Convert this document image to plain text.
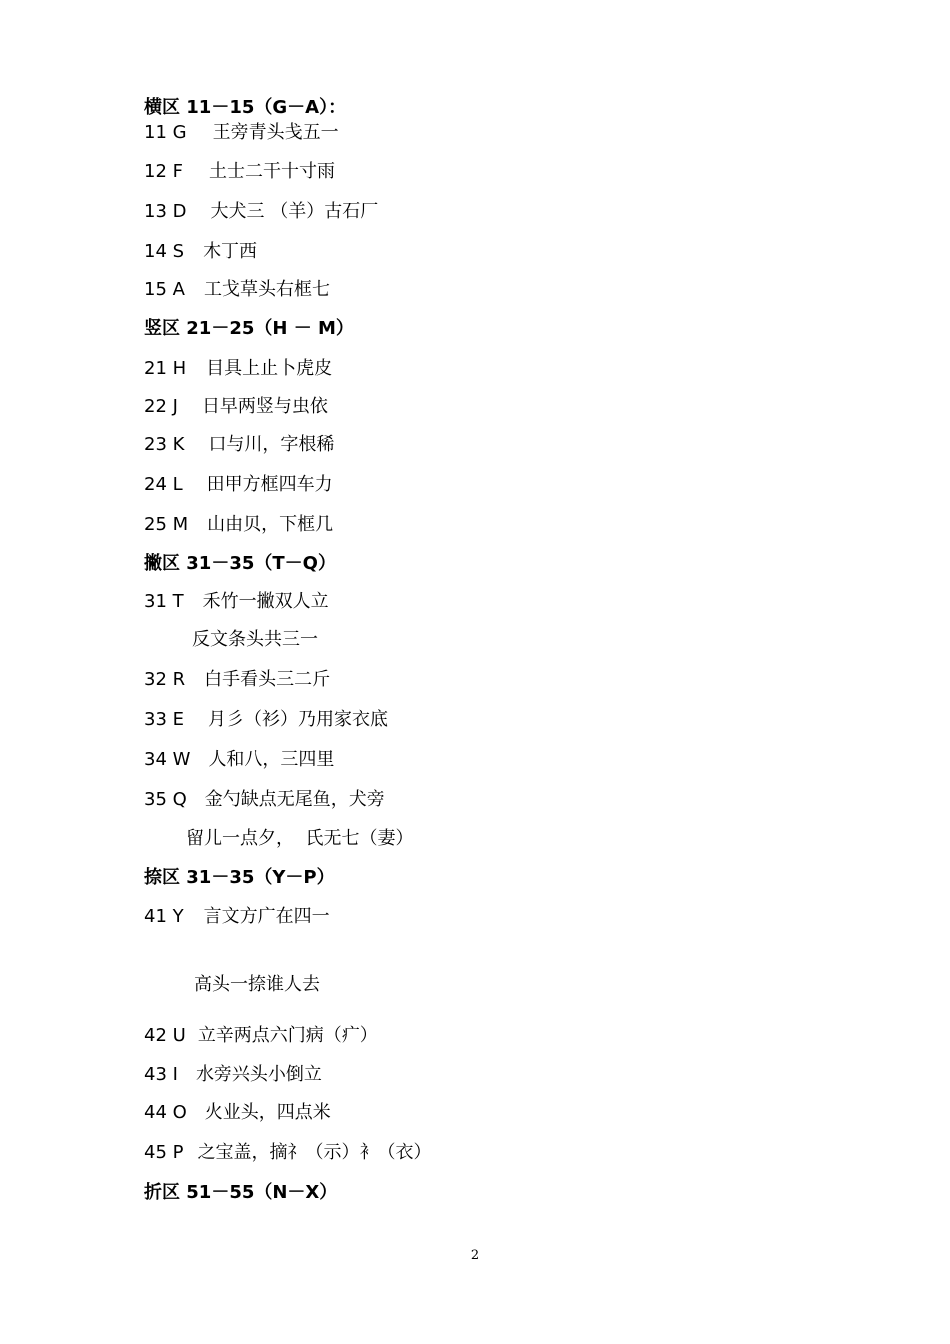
横区 11－15（G－A）：
11 G 王旁青头戋五一
12 F 土士二干十寸雨
13 D 大犬三 （羊）古石厂
14 S 木丁西
15 A 工戈草头右框七
竖区 21－25（H － M）
21 H 目具上止卜虎皮
22 J 日早两竖与虫依
23 K 口与川，字根稀
24 L 田甲方框四车力
25 M 山由贝，下框几
撇区 31－35（T－Q）
31 T 禾竹一撇双人立
反文条头共三一
32 R 白手看头三二斤
33 E 月彡（衫）乃用家衣底
34 W 人和八，三四里
35 Q 金勺缺点无尾鱼，犬旁
留儿一点夕，  氏无七（妻）
捺区 31－35（Y－P）
41 Y 言文方广在四一
高头一捺谁人去
42 U 立辛两点六门病（疒）
43 I 水旁兴头小倒立
44 O 火业头，四点米
45 P 之宝盖，摘礻（示）衤（衣）
折区 51－55（N－X）
2
